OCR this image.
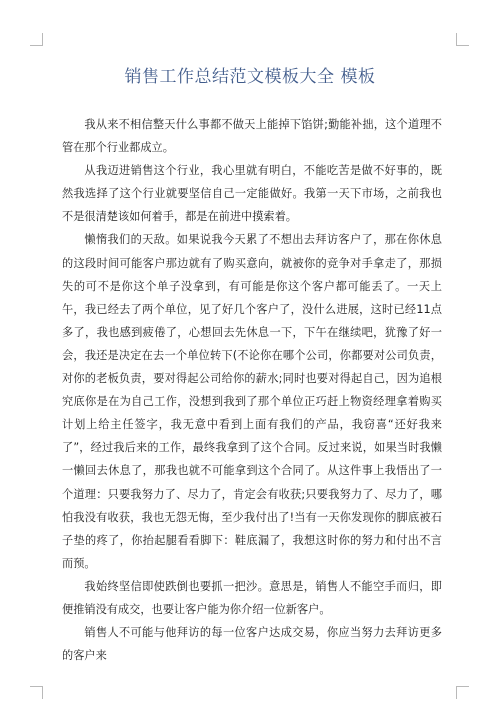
销售工作总结范文模板大全 模板

我从来不相信整天什么事都不做天上能掉下馅饼;勤能补拙，这个道理不管在那个行业都成立。

从我迈进销售这个行业，我心里就有明白，不能吃苦是做不好事的，既然我选择了这个行业就要坚信自己一定能做好。我第一天下市场，之前我也不是很清楚该如何着手，都是在前进中摸索着。

懒惰我们的天敌。如果说我今天累了不想出去拜访客户了，那在你休息的这段时间可能客户那边就有了购买意向，就被你的竞争对手拿走了，那损失的可不是你这个单子没拿到，有可能是你这个客户都可能丢了。一天上午，我已经去了两个单位，见了好几个客户了，没什么进展，这时已经11点多了，我也感到疲倦了，心想回去先休息一下，下午在继续吧，犹豫了好一会，我还是决定在去一个单位转下(不论你在哪个公司，你都要对公司负责，对你的老板负责，要对得起公司给你的薪水;同时也要对得起自己，因为追根究底你是在为自己工作，没想到我到了那个单位正巧赶上物资经理拿着购买计划上给主任签字，我无意中看到上面有我们的产品，我窃喜“还好我来了”，经过我后来的工作，最终我拿到了这个合同。反过来说，如果当时我懒一懒回去休息了，那我也就不可能拿到这个合同了。从这件事上我悟出了一个道理：只要我努力了、尽力了，肯定会有收获;只要我努力了、尽力了，哪怕我没有收获，我也无怨无悔，至少我付出了!当有一天你发现你的脚底被石子垫的疼了，你抬起腿看看脚下：鞋底漏了，我想这时你的努力和付出不言而预。

我始终坚信即使跌倒也要抓一把沙。意思是，销售人不能空手而归，即便推销没有成交，也要让客户能为你介绍一位新客户。

销售人不可能与他拜访的每一位客户达成交易，你应当努力去拜访更多的客户来
